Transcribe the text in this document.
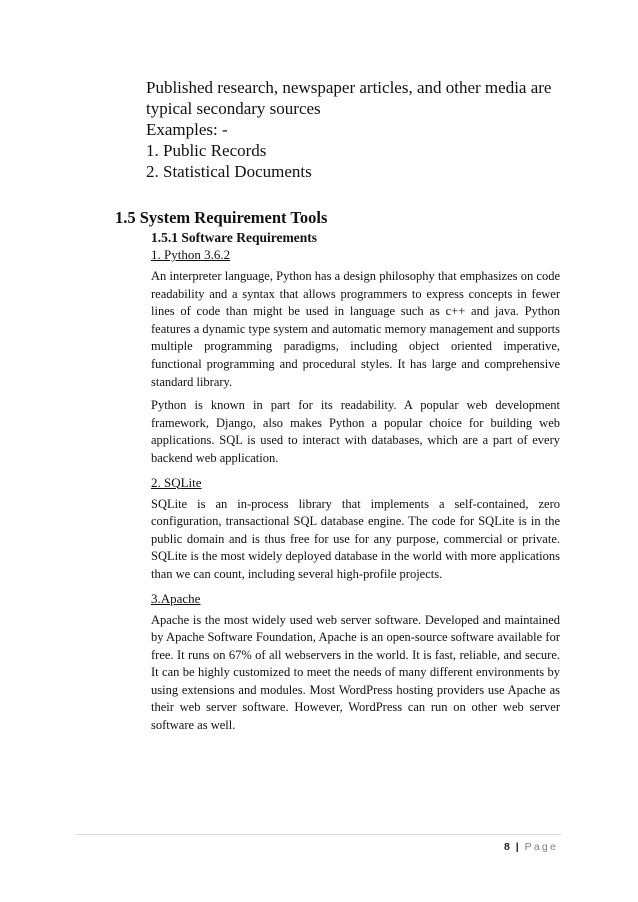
Published research, newspaper articles, and other media are typical secondary sources

Examples: -

1. Public Records

2. Statistical Documents

1.5 System Requirement Tools
1.5.1 Software Requirements

1. Python 3.6.2

An interpreter language, Python has a design philosophy that emphasizes on code readability and a syntax that allows programmers to express concepts in fewer lines of code than might be used in language such as c++ and java. Python features a dynamic type system and automatic memory management and supports multiple programming paradigms, including object oriented imperative, functional programming and procedural styles. It has large and comprehensive standard library.

Python is known in part for its readability. A popular web development framework, Django, also makes Python a popular choice for building web applications. SQL is used to interact with databases, which are a part of every backend web application.

2. SQLite

SQLite is an in-process library that implements a self-contained, zero configuration, transactional SQL database engine. The code for SQLite is in the public domain and is thus free for use for any purpose, commercial or private. SQLite is the most widely deployed database in the world with more applications than we can count, including several high-profile projects.

3.Apache

Apache is the most widely used web server software. Developed and maintained by Apache Software Foundation, Apache is an open-source software available for free. It runs on 67% of all webservers in the world. It is fast, reliable, and secure. It can be highly customized to meet the needs of many different environments by using extensions and modules. Most WordPress hosting providers use Apache as their web server software. However, WordPress can run on other web server software as well.

8 | Page
